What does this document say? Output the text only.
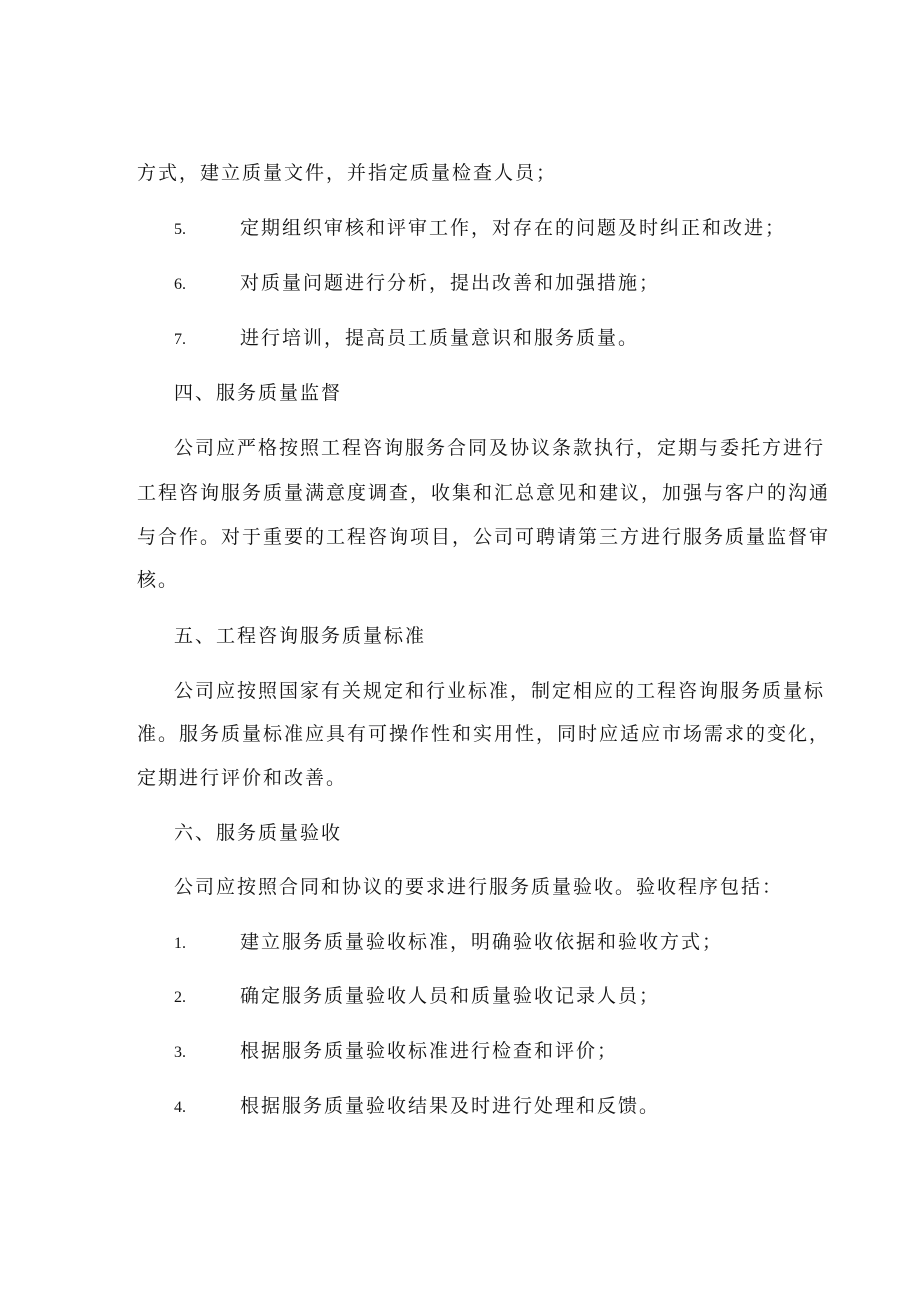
方式，建立质量文件，并指定质量检查人员；
5.	定期组织审核和评审工作，对存在的问题及时纠正和改进；
6.	对质量问题进行分析，提出改善和加强措施；
7.	进行培训，提高员工质量意识和服务质量。
四、服务质量监督
公司应严格按照工程咨询服务合同及协议条款执行，定期与委托方进行
工程咨询服务质量满意度调查，收集和汇总意见和建议，加强与客户的沟通
与合作。对于重要的工程咨询项目，公司可聘请第三方进行服务质量监督审
核。
五、工程咨询服务质量标准
公司应按照国家有关规定和行业标准，制定相应的工程咨询服务质量标
准。服务质量标准应具有可操作性和实用性，同时应适应市场需求的变化，
定期进行评价和改善。
六、服务质量验收
公司应按照合同和协议的要求进行服务质量验收。验收程序包括：
1.	建立服务质量验收标准，明确验收依据和验收方式；
2.	确定服务质量验收人员和质量验收记录人员；
3.	根据服务质量验收标准进行检查和评价；
4.	根据服务质量验收结果及时进行处理和反馈。
